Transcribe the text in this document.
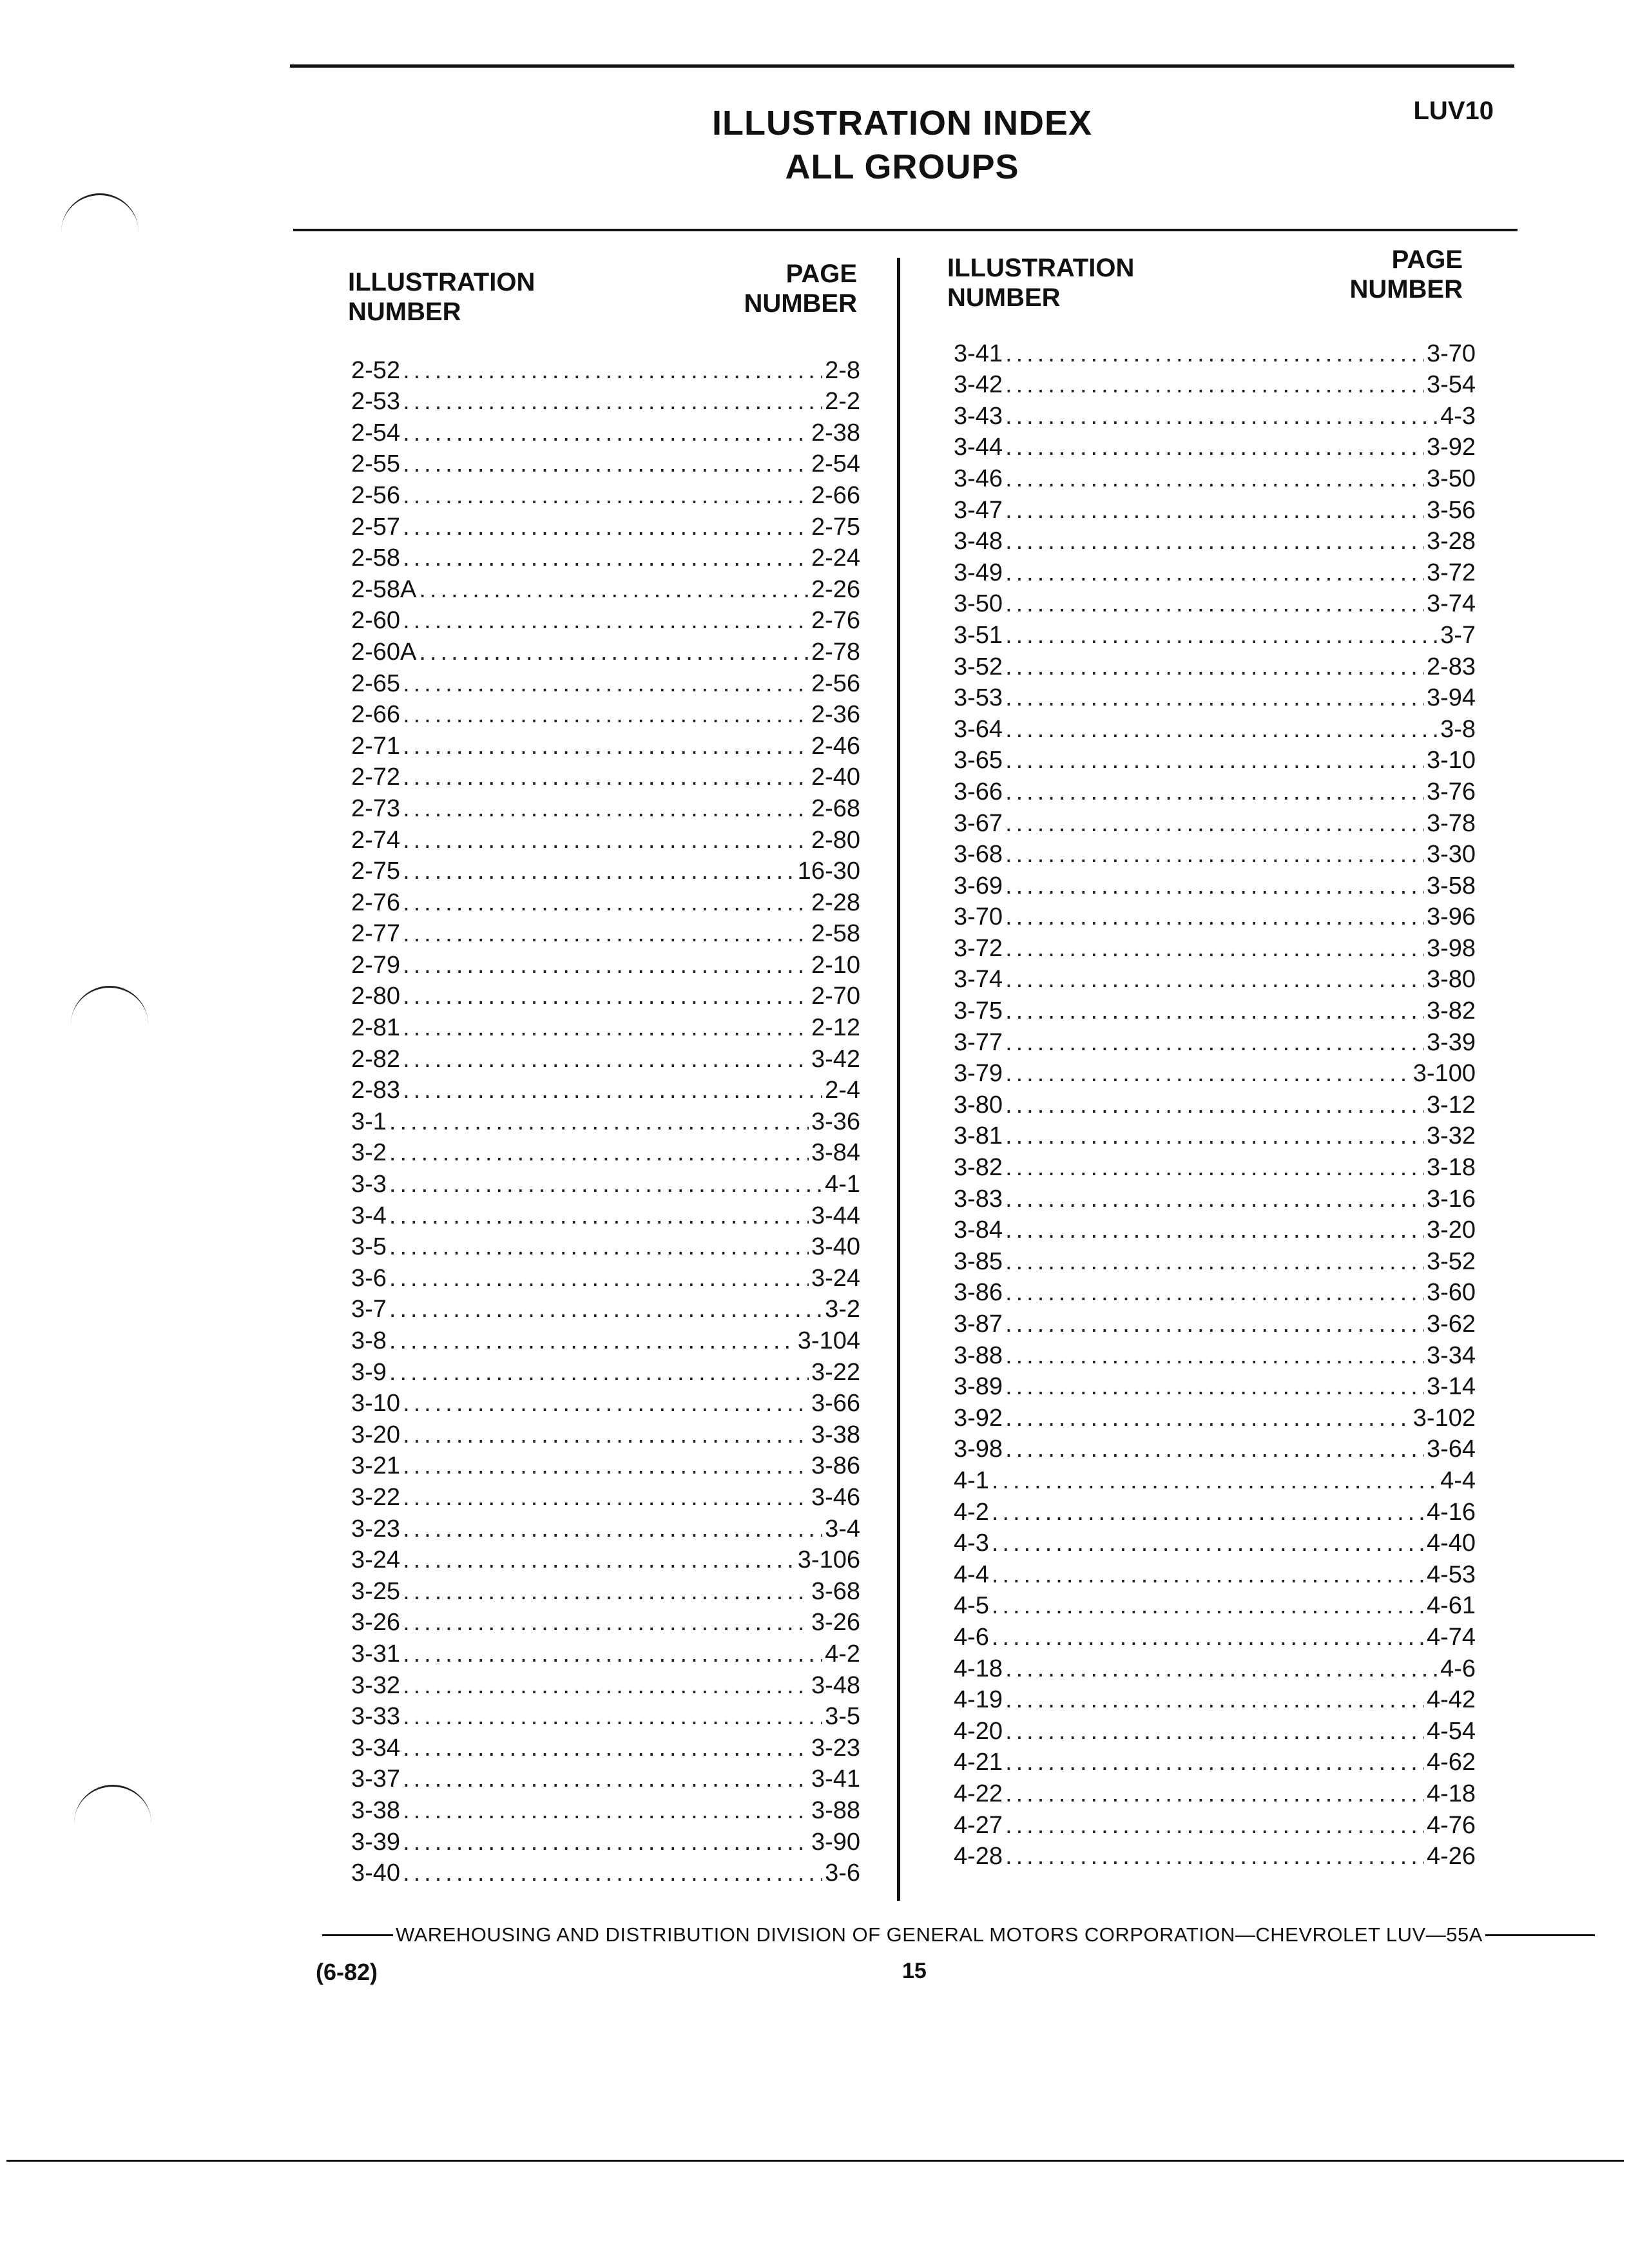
ILLUSTRATION INDEX
ALL GROUPS
LUV10
ILLUSTRATION
NUMBER
PAGE
NUMBER
ILLUSTRATION
NUMBER
PAGE
NUMBER
2-52 .....	2-8
2-53 .....	2-2
2-54 .....	2-38
2-55 .....	2-54
2-56 .....	2-66
2-57 .....	2-75
2-58 .....	2-24
2-58A .....	2-26
2-60 .....	2-76
2-60A .....	2-78
2-65 .....	2-56
2-66 .....	2-36
2-71 .....	2-46
2-72 .....	2-40
2-73 .....	2-68
2-74 .....	2-80
2-75 .....	16-30
2-76 .....	2-28
2-77 .....	2-58
2-79 .....	2-10
2-80 .....	2-70
2-81 .....	2-12
2-82 .....	3-42
2-83 .....	2-4
3-1 .....	3-36
3-2 .....	3-84
3-3 .....	4-1
3-4 .....	3-44
3-5 .....	3-40
3-6 .....	3-24
3-7 .....	3-2
3-8 .....	3-104
3-9 .....	3-22
3-10 .....	3-66
3-20 .....	3-38
3-21 .....	3-86
3-22 .....	3-46
3-23 .....	3-4
3-24 .....	3-106
3-25 .....	3-68
3-26 .....	3-26
3-31 .....	4-2
3-32 .....	3-48
3-33 .....	3-5
3-34 .....	3-23
3-37 .....	3-41
3-38 .....	3-88
3-39 .....	3-90
3-40 .....	3-6
3-41 .....	3-70
3-42 .....	3-54
3-43 .....	4-3
3-44 .....	3-92
3-46 .....	3-50
3-47 .....	3-56
3-48 .....	3-28
3-49 .....	3-72
3-50 .....	3-74
3-51 .....	3-7
3-52 .....	2-83
3-53 .....	3-94
3-64 .....	3-8
3-65 .....	3-10
3-66 .....	3-76
3-67 .....	3-78
3-68 .....	3-30
3-69 .....	3-58
3-70 .....	3-96
3-72 .....	3-98
3-74 .....	3-80
3-75 .....	3-82
3-77 .....	3-39
3-79 .....	3-100
3-80 .....	3-12
3-81 .....	3-32
3-82 .....	3-18
3-83 .....	3-16
3-84 .....	3-20
3-85 .....	3-52
3-86 .....	3-60
3-87 .....	3-62
3-88 .....	3-34
3-89 .....	3-14
3-92 .....	3-102
3-98 .....	3-64
4-1 .....	4-4
4-2 .....	4-16
4-3 .....	4-40
4-4 .....	4-53
4-5 .....	4-61
4-6 .....	4-74
4-18 .....	4-6
4-19 .....	4-42
4-20 .....	4-54
4-21 .....	4-62
4-22 .....	4-18
4-27 .....	4-76
4-28 .....	4-26
WAREHOUSING AND DISTRIBUTION DIVISION OF GENERAL MOTORS CORPORATION—CHEVROLET LUV—55A
(6-82)	15
